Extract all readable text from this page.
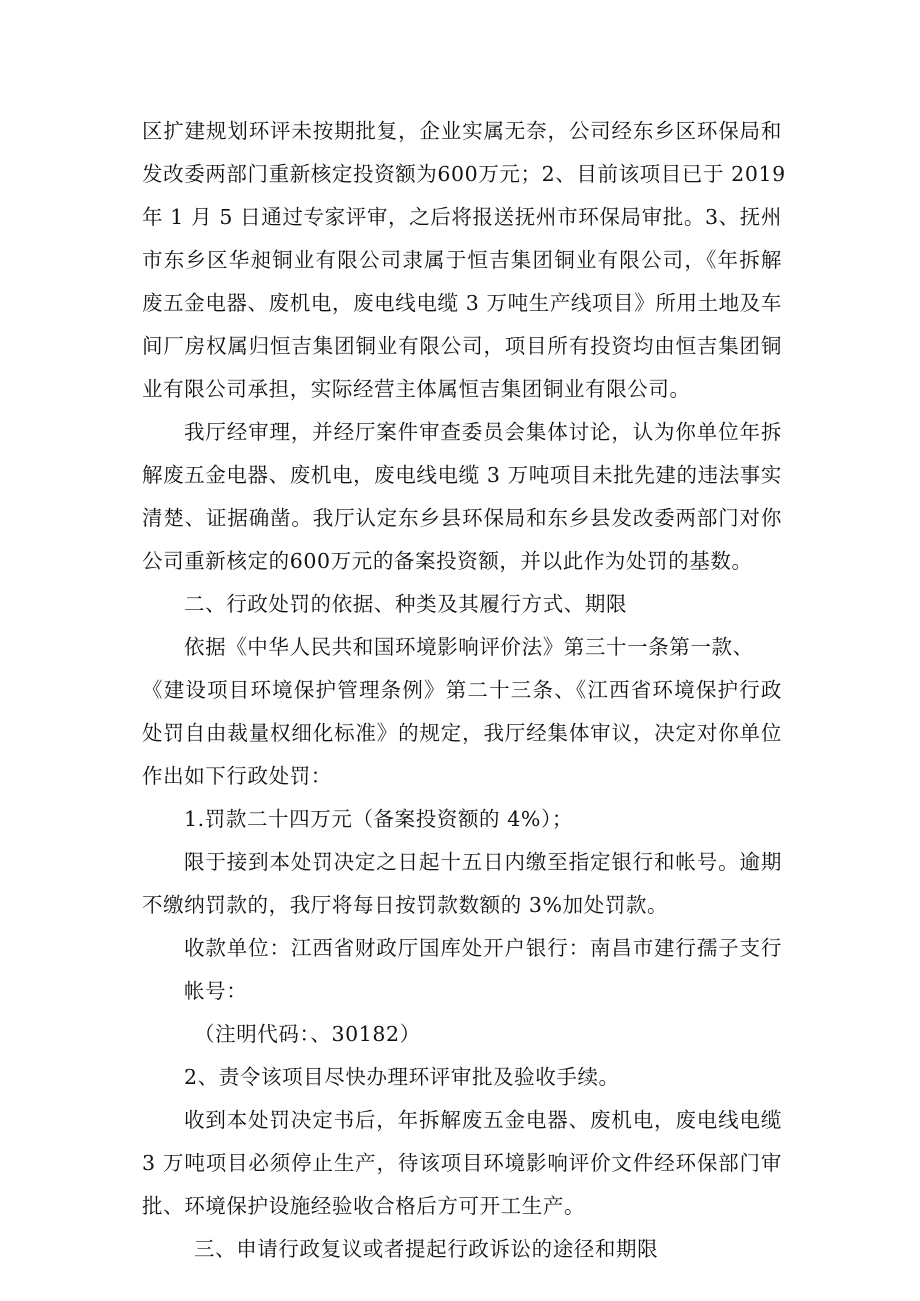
区扩建规划环评未按期批复，企业实属无奈，公司经东乡区环保局和

发改委两部门重新核定投资额为600万元；2、目前该项目已于 2019

年 1 月 5 日通过专家评审，之后将报送抚州市环保局审批。3、抚州

市东乡区华昶铜业有限公司隶属于恒吉集团铜业有限公司，《年拆解

废五金电器、废机电，废电线电缆 3 万吨生产线项目》所用土地及车

间厂房权属归恒吉集团铜业有限公司，项目所有投资均由恒吉集团铜

业有限公司承担，实际经营主体属恒吉集团铜业有限公司。

我厅经审理，并经厅案件审查委员会集体讨论，认为你单位年拆

解废五金电器、废机电，废电线电缆 3 万吨项目未批先建的违法事实

清楚、证据确凿。我厅认定东乡县环保局和东乡县发改委两部门对你

公司重新核定的600万元的备案投资额，并以此作为处罚的基数。

二、行政处罚的依据、种类及其履行方式、期限

依据《中华人民共和国环境影响评价法》第三十一条第一款、

《建设项目环境保护管理条例》第二十三条、《江西省环境保护行政

处罚自由裁量权细化标准》的规定，我厅经集体审议，决定对你单位

作出如下行政处罚：

1.罚款二十四万元（备案投资额的 4%）；

限于接到本处罚决定之日起十五日内缴至指定银行和帐号。逾期

不缴纳罚款的，我厅将每日按罚款数额的 3%加处罚款。

收款单位：江西省财政厅国库处开户银行：南昌市建行孺子支行

帐号：

（注明代码：、30182）

2、责令该项目尽快办理环评审批及验收手续。

收到本处罚决定书后，年拆解废五金电器、废机电，废电线电缆

3 万吨项目必须停止生产，待该项目环境影响评价文件经环保部门审

批、环境保护设施经验收合格后方可开工生产。

三、申请行政复议或者提起行政诉讼的途径和期限
